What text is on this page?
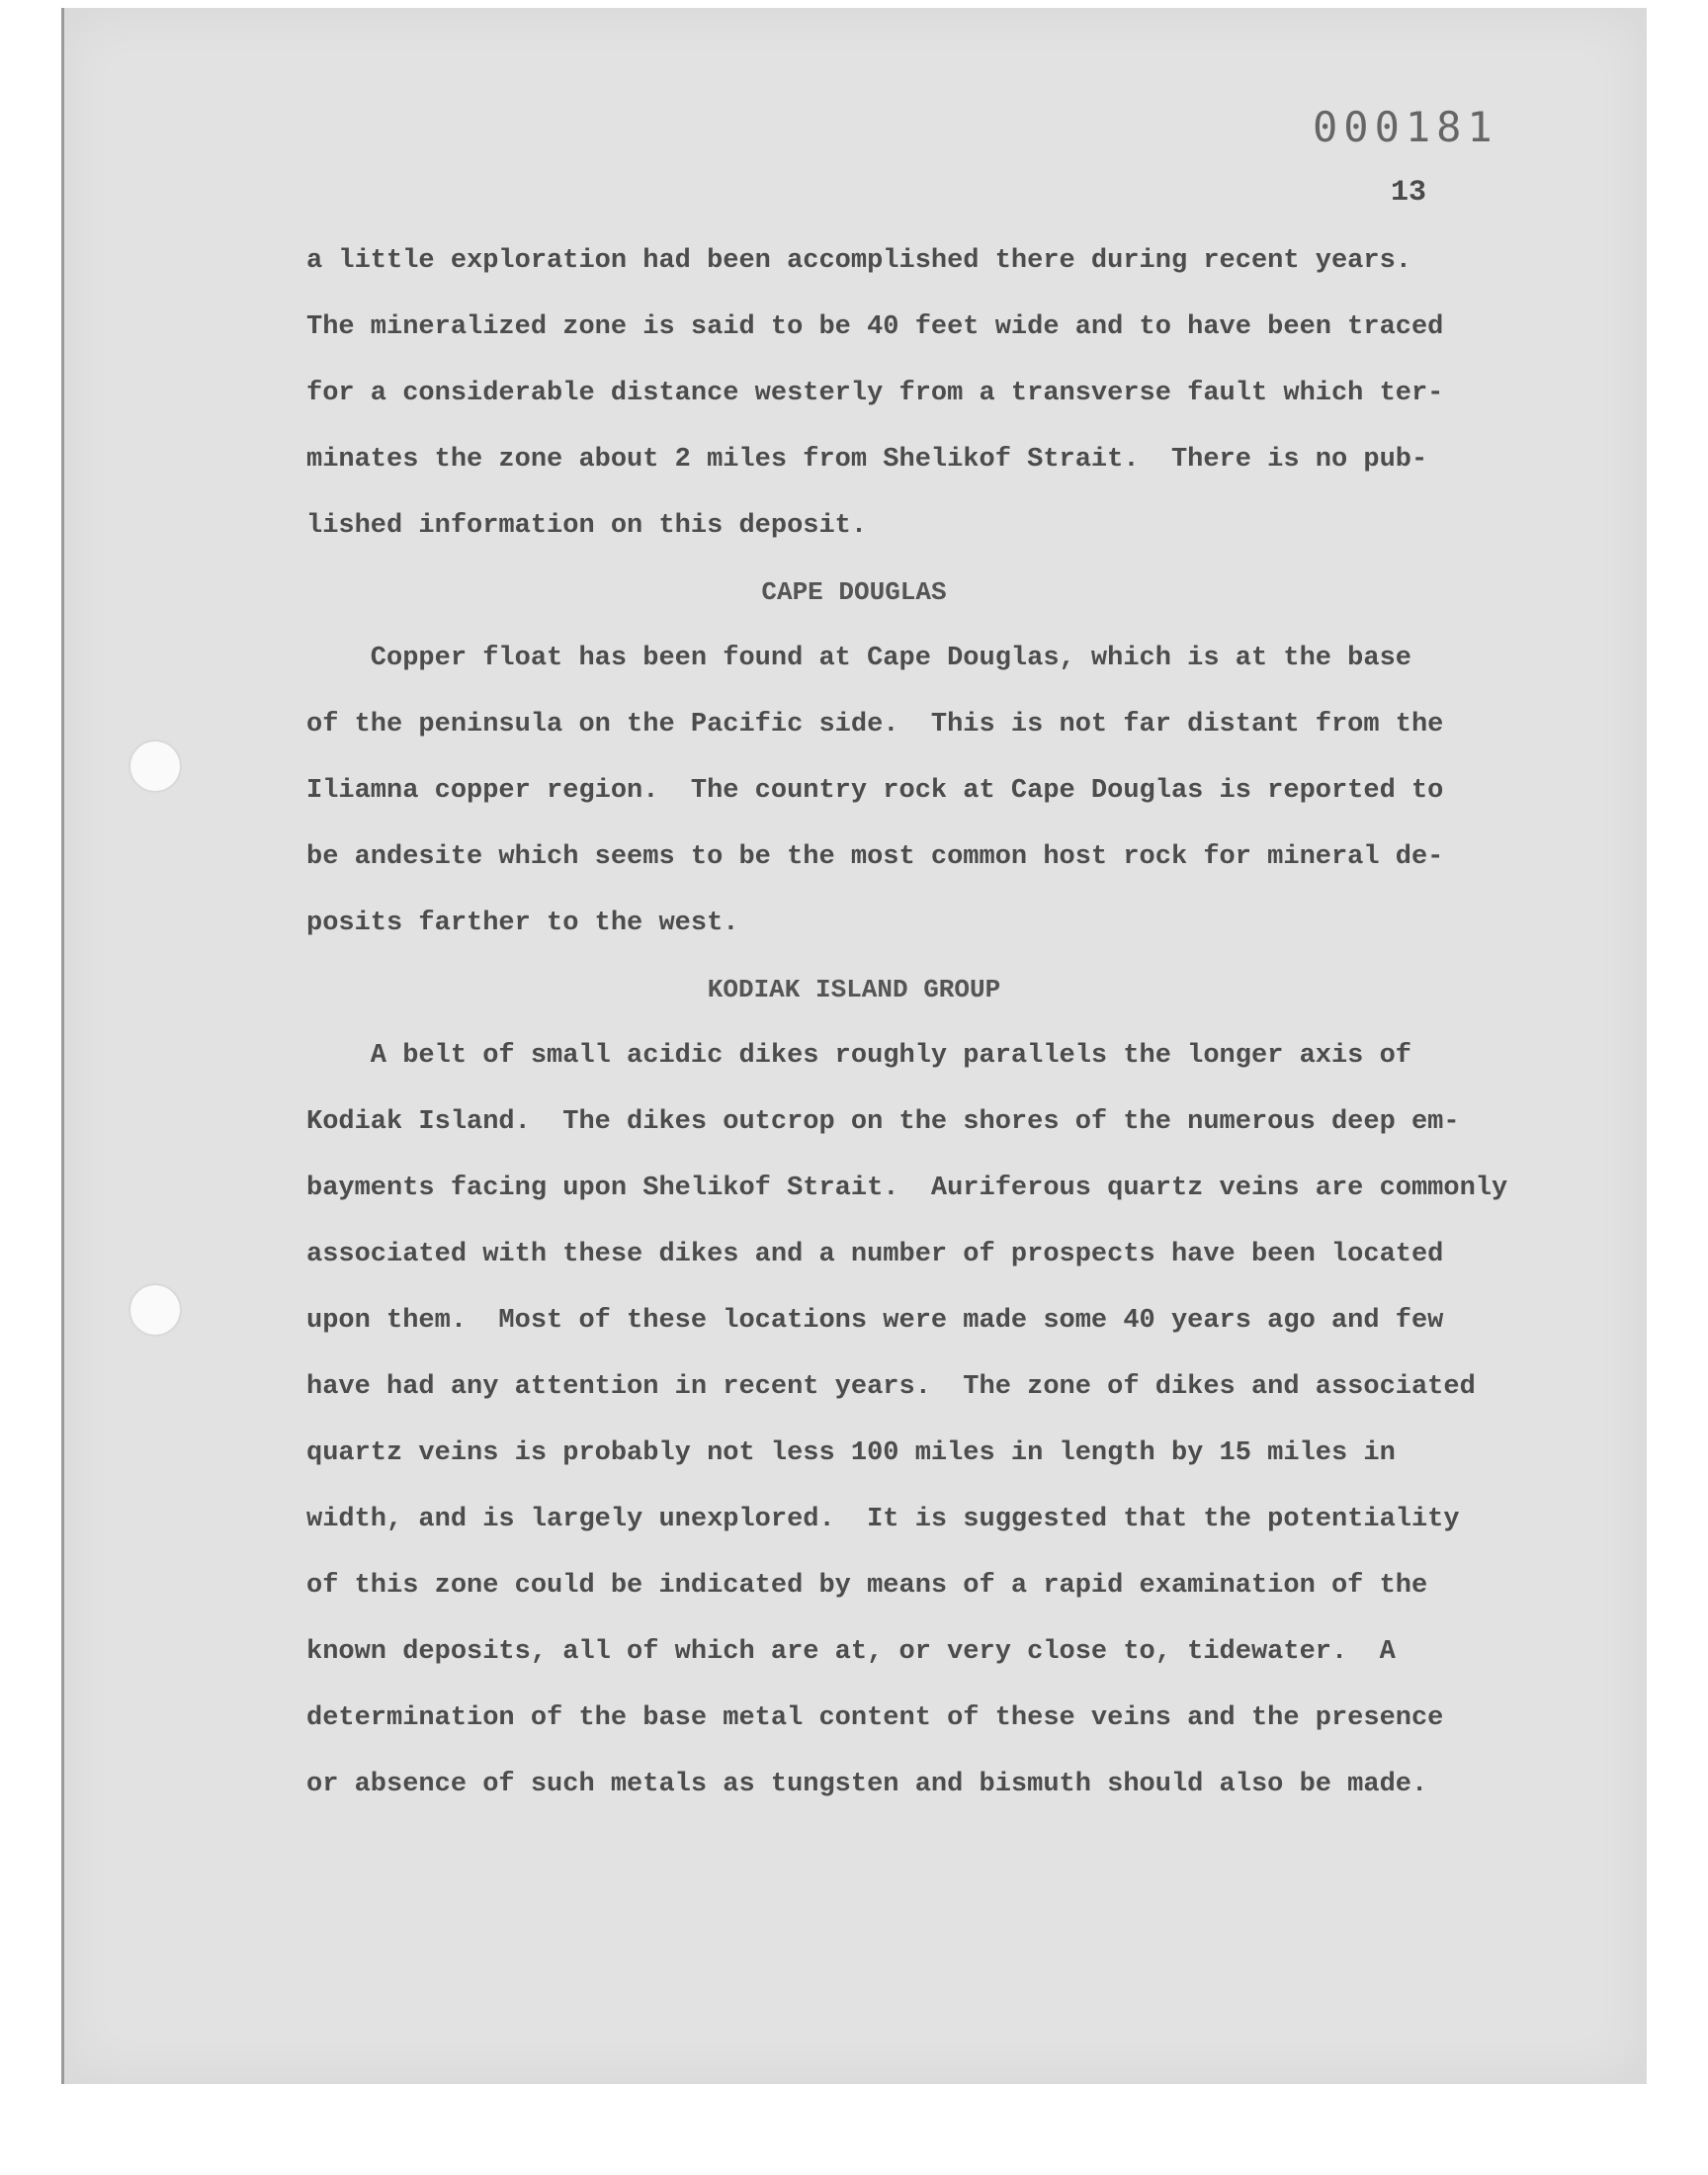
000181
13
a little exploration had been accomplished there during recent years.
The mineralized zone is said to be 40 feet wide and to have been traced
for a considerable distance westerly from a transverse fault which ter-
minates the zone about 2 miles from Shelikof Strait.  There is no pub-
lished information on this deposit.
CAPE DOUGLAS
Copper float has been found at Cape Douglas, which is at the base
of the peninsula on the Pacific side.  This is not far distant from the
Iliamna copper region.  The country rock at Cape Douglas is reported to
be andesite which seems to be the most common host rock for mineral de-
posits farther to the west.
KODIAK ISLAND GROUP
A belt of small acidic dikes roughly parallels the longer axis of
Kodiak Island.  The dikes outcrop on the shores of the numerous deep em-
bayments facing upon Shelikof Strait.  Auriferous quartz veins are commonly
associated with these dikes and a number of prospects have been located
upon them.  Most of these locations were made some 40 years ago and few
have had any attention in recent years.  The zone of dikes and associated
quartz veins is probably not less 100 miles in length by 15 miles in
width, and is largely unexplored.  It is suggested that the potentiality
of this zone could be indicated by means of a rapid examination of the
known deposits, all of which are at, or very close to, tidewater.  A
determination of the base metal content of these veins and the presence
or absence of such metals as tungsten and bismuth should also be made.
